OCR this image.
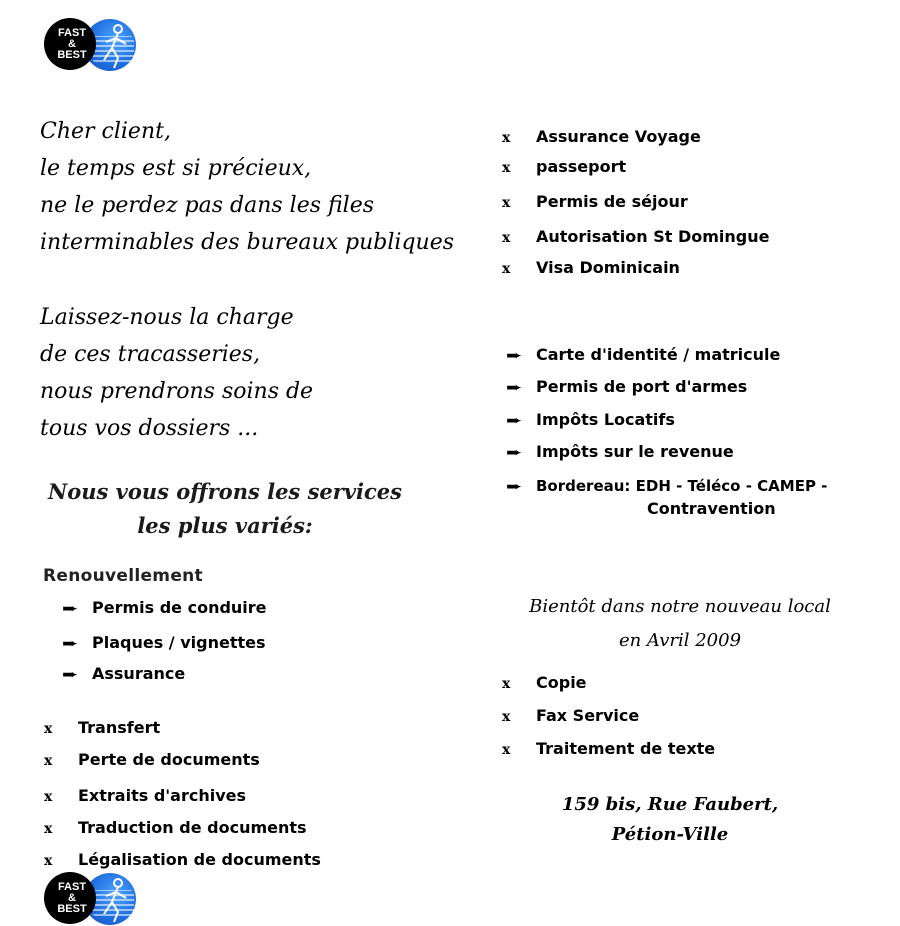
FAST
&
BEST
Cher client,
le temps est si précieux,
ne le perdez pas dans les files
interminables des bureaux publiques
Laissez-nous la charge
de ces tracasseries,
nous prendrons soins de
tous vos dossiers ...
Nous vous offrons les services
les plus variés:
Renouvellement
➨ Permis de conduire
➨ Plaques / vignettes
➨ Assurance
x Transfert
x Perte de documents
x Extraits d'archives
x Traduction de documents
x Légalisation de documents
FAST
&
BEST
x Assurance Voyage
x passeport
x Permis de séjour
x Autorisation St Domingue
x Visa Dominicain
➨ Carte d'identité / matricule
➨ Permis de port d'armes
➨ Impôts Locatifs
➨ Impôts sur le revenue
➨ Bordereau: EDH - Téléco - CAMEP -
Contravention
Bientôt dans notre nouveau local
en Avril 2009
x Copie
x Fax Service
x Traitement de texte
159 bis, Rue Faubert,
Pétion-Ville
